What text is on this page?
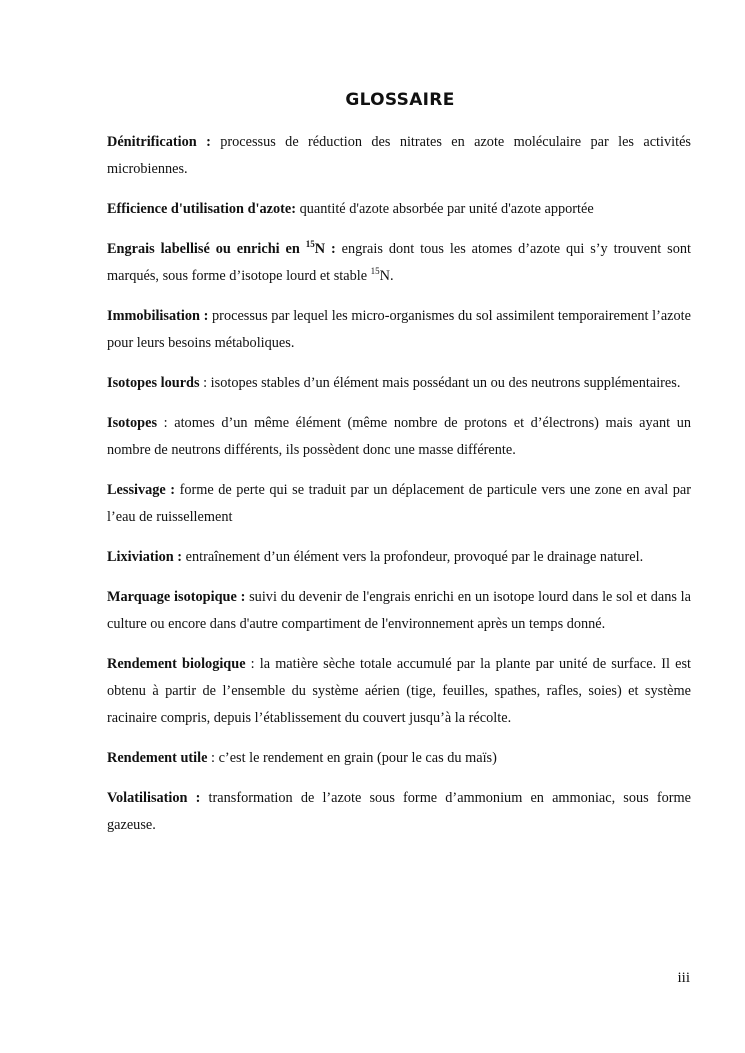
GLOSSAIRE

Dénitrification : processus de réduction des nitrates en azote moléculaire par les activités microbiennes.

Efficience d'utilisation d'azote: quantité d'azote absorbée par unité d'azote apportée

Engrais labellisé ou enrichi en $^{15}$N : engrais dont tous les atomes d’azote qui s’y trouvent sont marqués, sous forme d’isotope lourd et stable $^{15}$N.

Immobilisation : processus par lequel les micro-organismes du sol assimilent temporairement l’azote pour leurs besoins métaboliques.

Isotopes lourds : isotopes stables d’un élément mais possédant un ou des neutrons supplémentaires.

Isotopes : atomes d’un même élément (même nombre de protons et d’électrons) mais ayant un nombre de neutrons différents, ils possèdent donc une masse différente.

Lessivage : forme de perte qui se traduit par un déplacement de particule vers une zone en aval par l’eau de ruissellement

Lixiviation : entraînement d’un élément vers la profondeur, provoqué par le drainage naturel.

Marquage isotopique : suivi du devenir de l'engrais enrichi en un isotope lourd dans le sol et dans la culture ou encore dans d'autre compartiment de l'environnement après un temps donné.

Rendement biologique : la matière sèche totale accumulé par la plante par unité de surface. Il est obtenu à partir de l’ensemble du système aérien (tige, feuilles, spathes, rafles, soies) et système racinaire compris, depuis l’établissement du couvert jusqu’à la récolte.

Rendement utile : c’est le rendement en grain (pour le cas du maïs)

Volatilisation : transformation de l’azote sous forme d’ammonium en ammoniac, sous forme gazeuse.

iii
